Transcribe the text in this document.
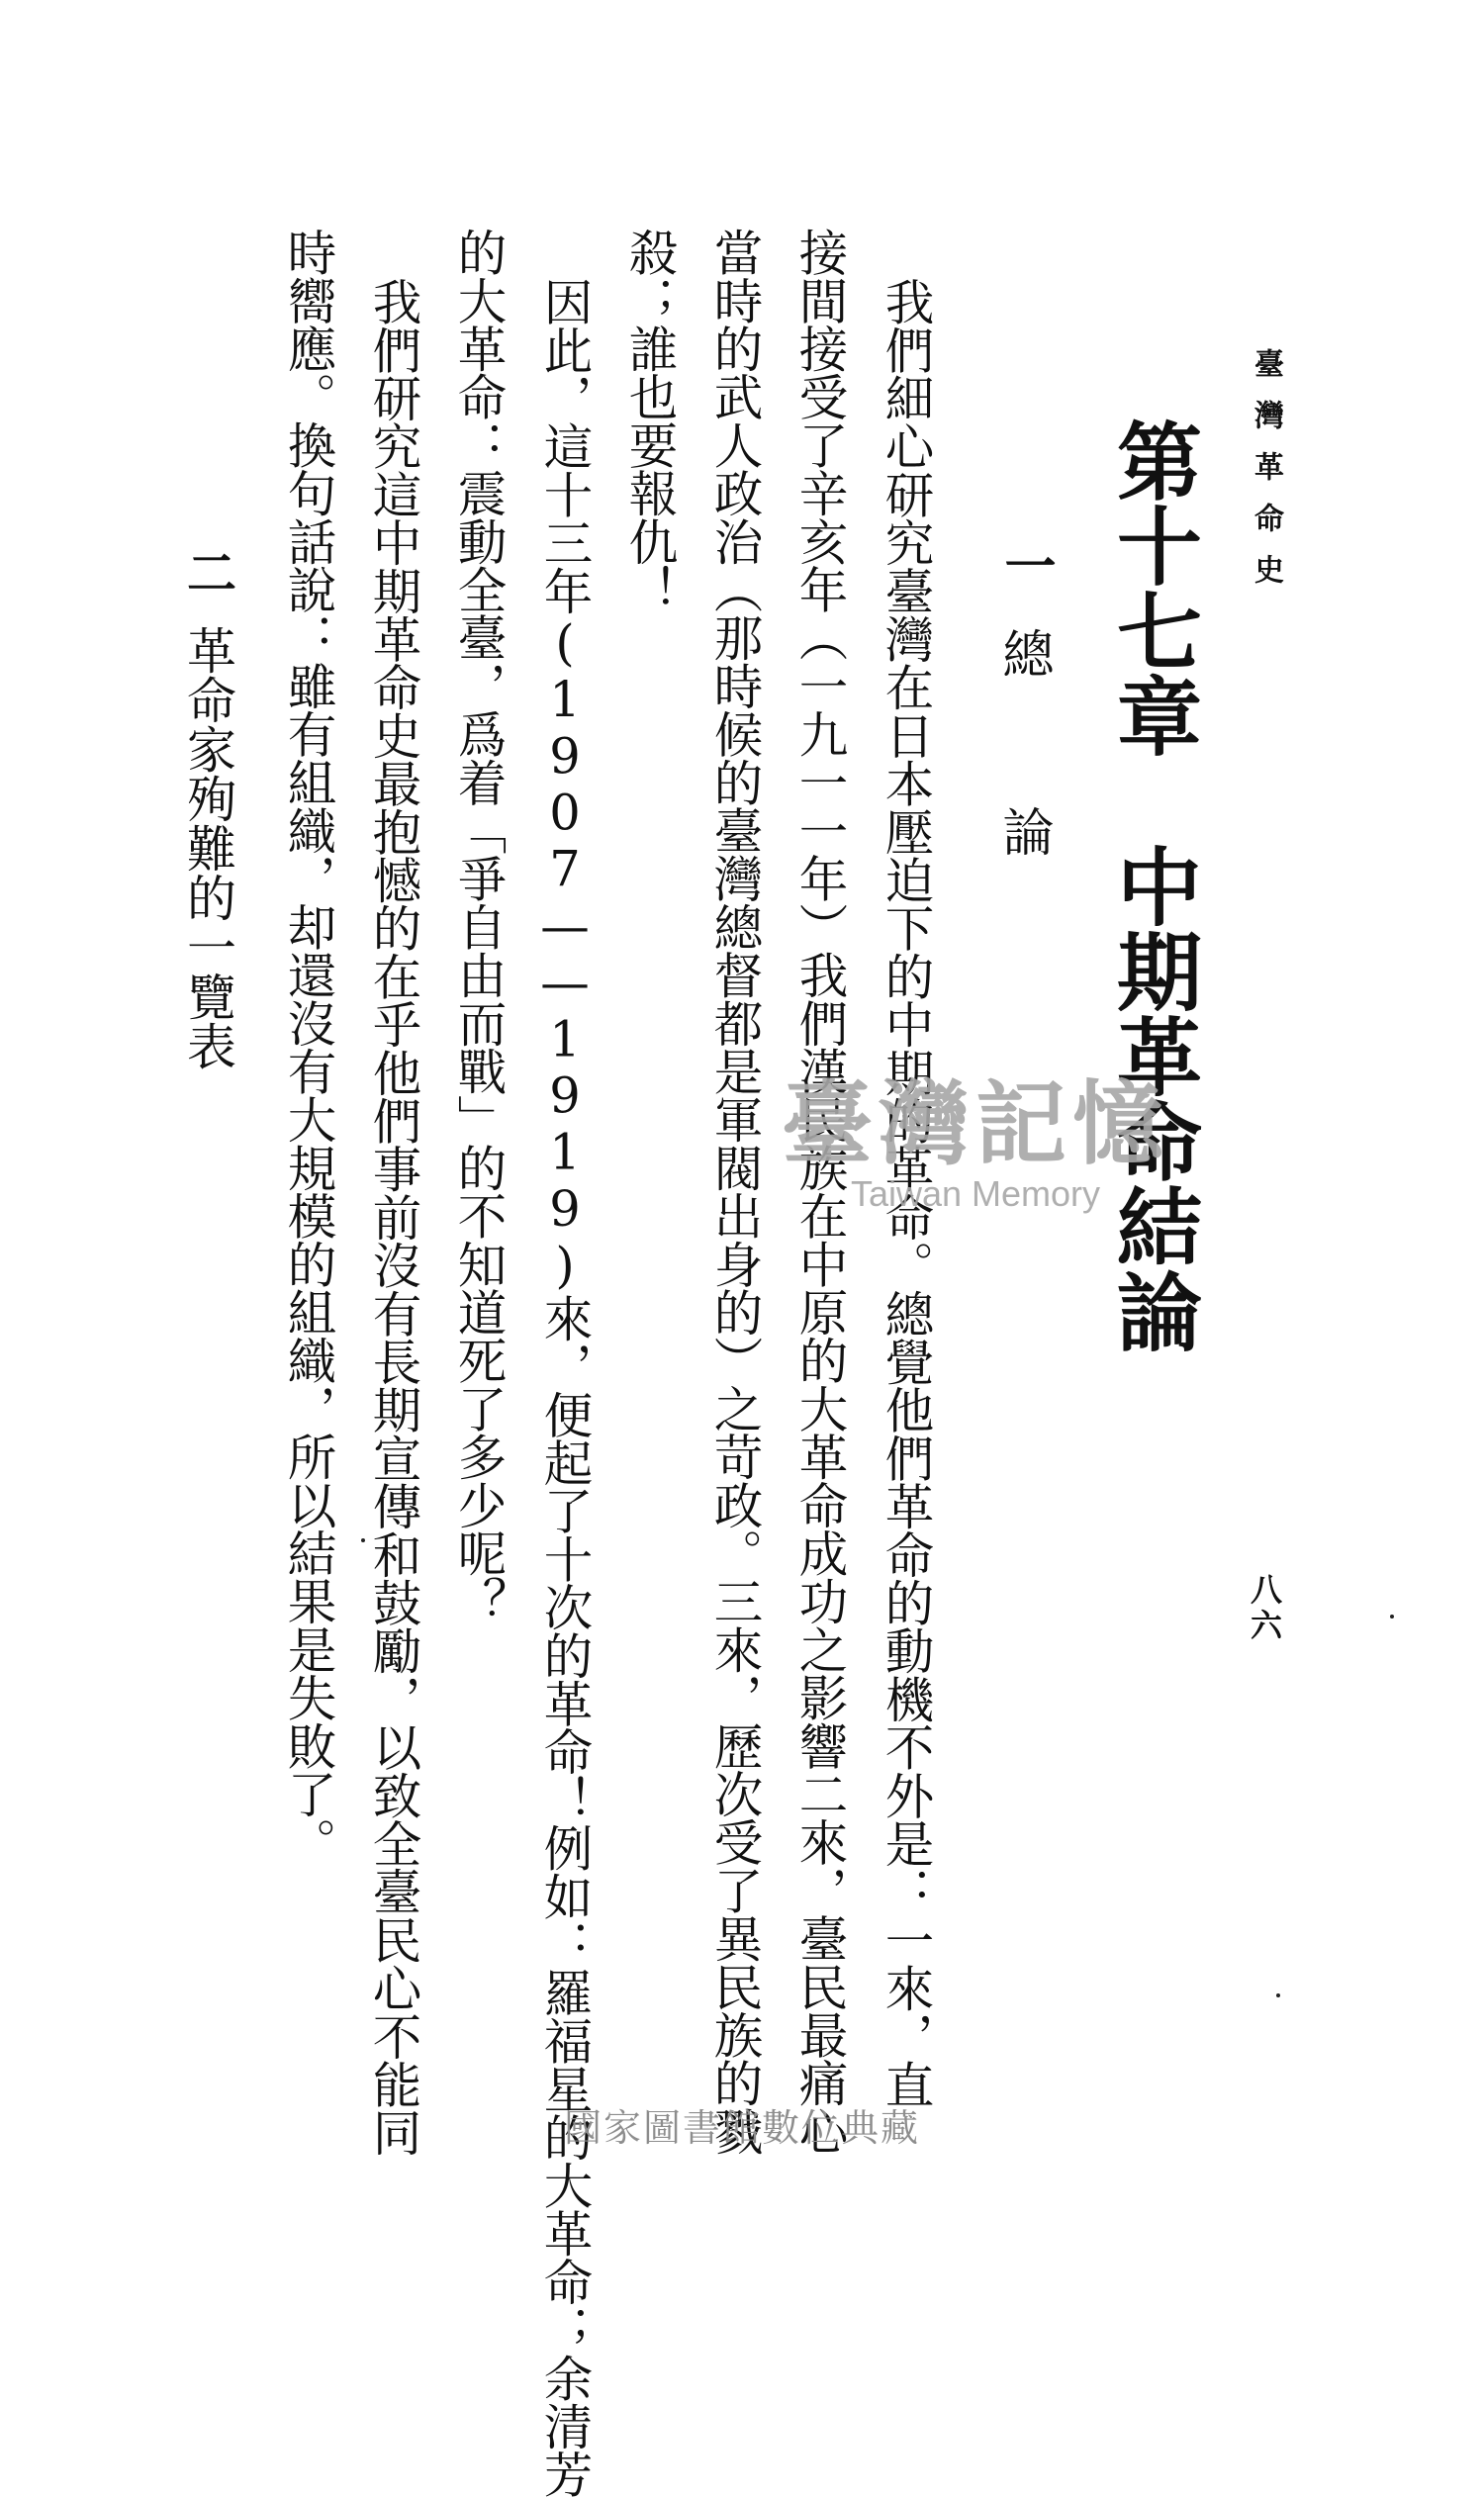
臺灣革命史
八六
第十七章　中期革命結論
一
總論
我們細心研究臺灣在日本壓迫下的中期的革命。總覺他們革命的動機不外是：一來，直
接間接受了辛亥年（一九一一年）我們漢民族在中原的大革命成功之影響二來，臺民最痛心
當時的武人政治（那時候的臺灣總督都是軍閥出身的）之苛政。三來，歷次受了異民族的戮
殺；誰也要報仇！
因此，這十三年(1907——1919)來，便起了十次的革命！例如：羅福星的大革命；余清芳
的大革命：震動全臺，爲着「爭自由而戰」的不知道死了多少呢？
我們研究這中期革命史最抱憾的在乎他們事前沒有長期宣傳和鼓勵，以致全臺民心不能同
時嚮應。換句話說：雖有組織，却還沒有大規模的組織，所以結果是失敗了。
二
革命家殉難的一覽表
臺灣記憶
Taiwan Memory
國家圖書館數位典藏
